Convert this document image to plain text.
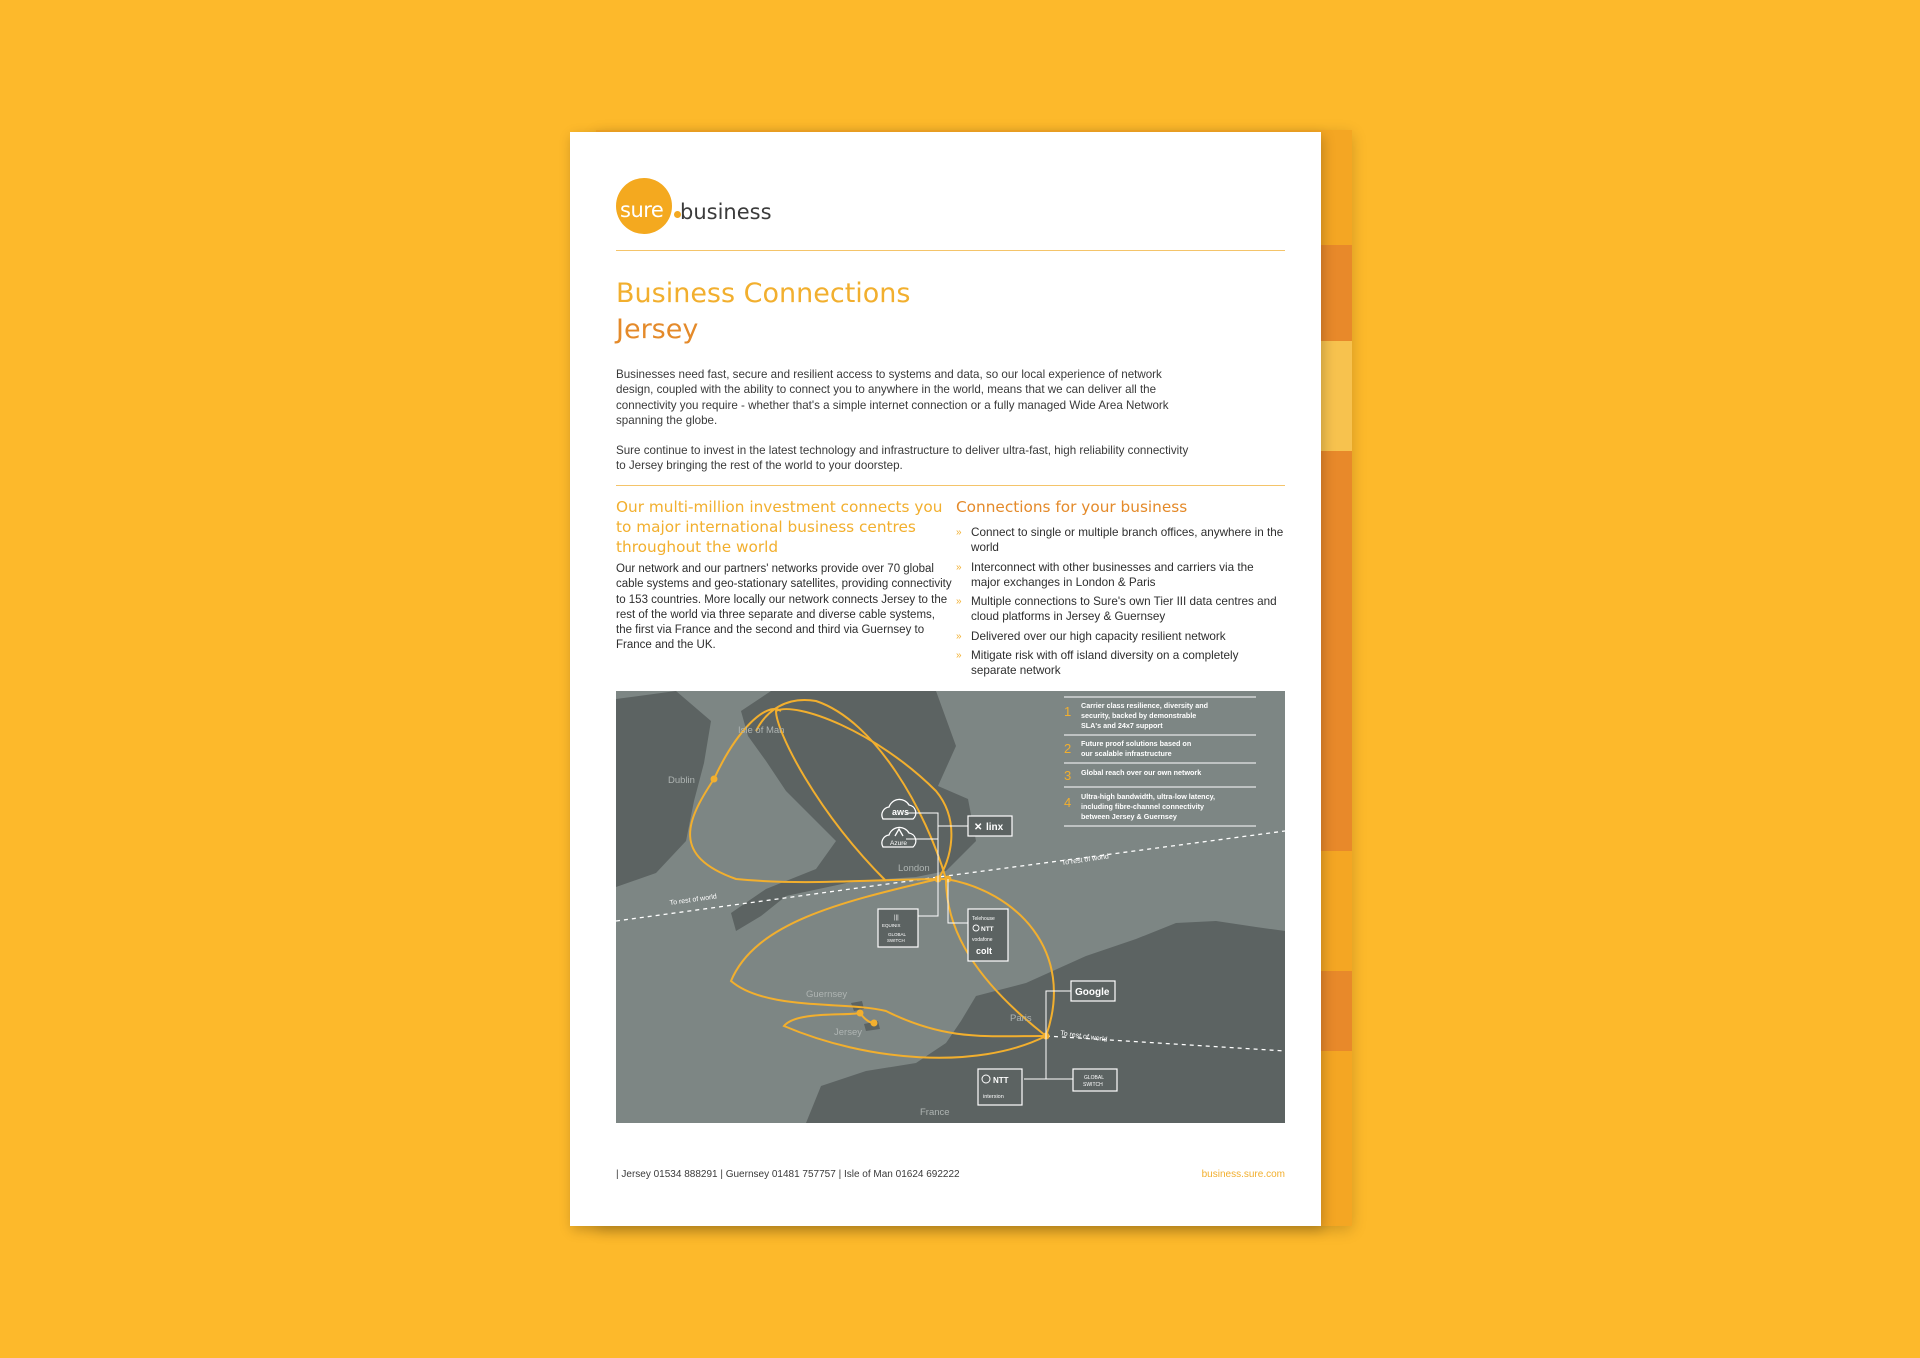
sure business
Business Connections
Jersey

Businesses need fast, secure and resilient access to systems and data, so our local experience of network design, coupled with the ability to connect you to anywhere in the world, means that we can deliver all the connectivity you require - whether that's a simple internet connection or a fully managed Wide Area Network spanning the globe.

Sure continue to invest in the latest technology and infrastructure to deliver ultra-fast, high reliability connectivity to Jersey bringing the rest of the world to your doorstep.

Our multi-million investment connects you to major international business centres throughout the world

Our network and our partners' networks provide over 70 global cable systems and geo-stationary satellites, providing connectivity to 153 countries. More locally our network connects Jersey to the rest of the world via three separate and diverse cable systems, the first via France and the second and third via Guernsey to France and the UK.

Connections for your business
» Connect to single or multiple branch offices, anywhere in the world
» Interconnect with other businesses and carriers via the major exchanges in London & Paris
» Multiple connections to Sure's own Tier III data centres and cloud platforms in Jersey & Guernsey
» Delivered over our high capacity resilient network
» Mitigate risk with off island diversity on a completely separate network
Isle of Man
Dublin
London
Guernsey
Jersey
Paris
France
To rest of world
To rest of world
To rest of world
aws
Azure
✕ linx
|||
EQUINIX
GLOBAL
SWITCH
Telehouse
NTT
vodafone
colt
Google
NTT
interxion
GLOBAL
SWITCH
1 Carrier class resilience, diversity and
security, backed by demonstrable
SLA's and 24x7 support
2 Future proof solutions based on
our scalable infrastructure
3 Global reach over our own network
4 Ultra-high bandwidth, ultra-low latency,
including fibre-channel connectivity
between Jersey & Guernsey
| Jersey 01534 888291 | Guernsey 01481 757757 | Isle of Man 01624 692222	business.sure.com
